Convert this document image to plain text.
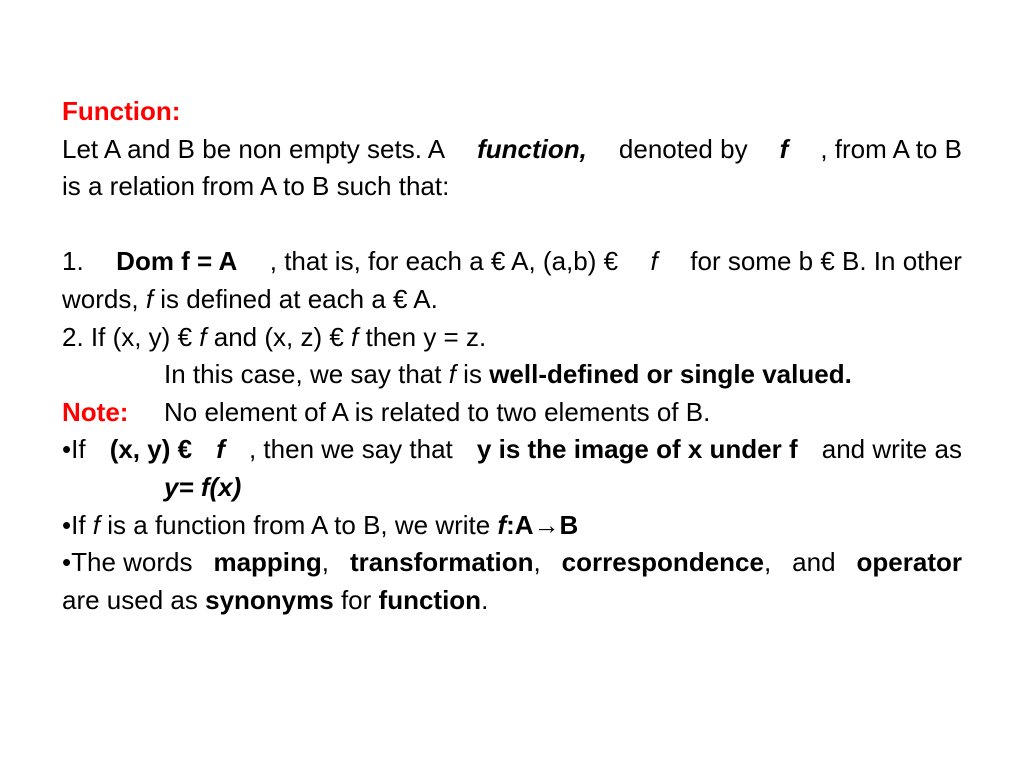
Function:
Let A and B be non empty sets. A function, denoted by f , from A to B
is a relation from A to B such that:
1. Dom f = A , that is, for each a € A, (a,b) € f for some b € B. In other
words, f is defined at each a € A.
2. If (x, y) € f and (x, z) € f then y = z.
In this case, we say that f is well-defined or single valued.
Note: No element of A is related to two elements of B.
•If (x, y) € f , then we say that y is the image of x under f and write as
y= f(x)
•If f is a function from A to B, we write f:A→B
•The words mapping, transformation, correspondence, and operator
are used as synonyms for function.
